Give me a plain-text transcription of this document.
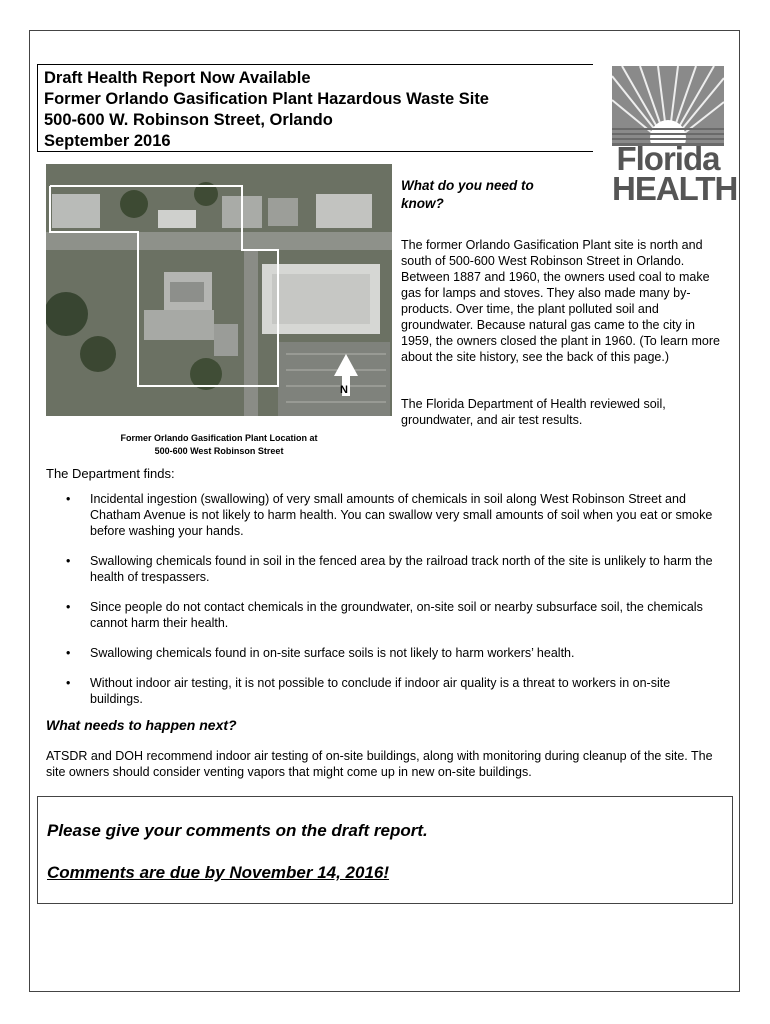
Draft Health Report Now Available
Former Orlando Gasification Plant Hazardous Waste Site
500-600 W. Robinson Street, Orlando
September 2016	Florida
HEALTH
N
Former Orlando Gasification Plant Location at
500-600 West Robinson Street
What do you need to know?
The former Orlando Gasification Plant site is north and south of 500-600 West Robinson Street in Orlando. Between 1887 and 1960, the owners used coal to make gas for lamps and stoves. They also made many by-products. Over time, the plant polluted soil and groundwater. Because natural gas came to the city in 1959, the owners closed the plant in 1960. (To learn more about the site history, see the back of this page.)
The Florida Department of Health reviewed soil, groundwater, and air test results.
The Department finds:
• Incidental ingestion (swallowing) of very small amounts of chemicals in soil along West Robinson Street and Chatham Avenue is not likely to harm health. You can swallow very small amounts of soil when you eat or smoke before washing your hands.
• Swallowing chemicals found in soil in the fenced area by the railroad track north of the site is unlikely to harm the health of trespassers.
• Since people do not contact chemicals in the groundwater, on-site soil or nearby subsurface soil, the chemicals cannot harm their health.
• Swallowing chemicals found in on-site surface soils is not likely to harm workers’ health.
• Without indoor air testing, it is not possible to conclude if indoor air quality is a threat to workers in on-site buildings.
What needs to happen next?
ATSDR and DOH recommend indoor air testing of on-site buildings, along with monitoring during cleanup of the site. The site owners should consider venting vapors that might come up in new on-site buildings.
Please give your comments on the draft report.
Comments are due by November 14, 2016!
